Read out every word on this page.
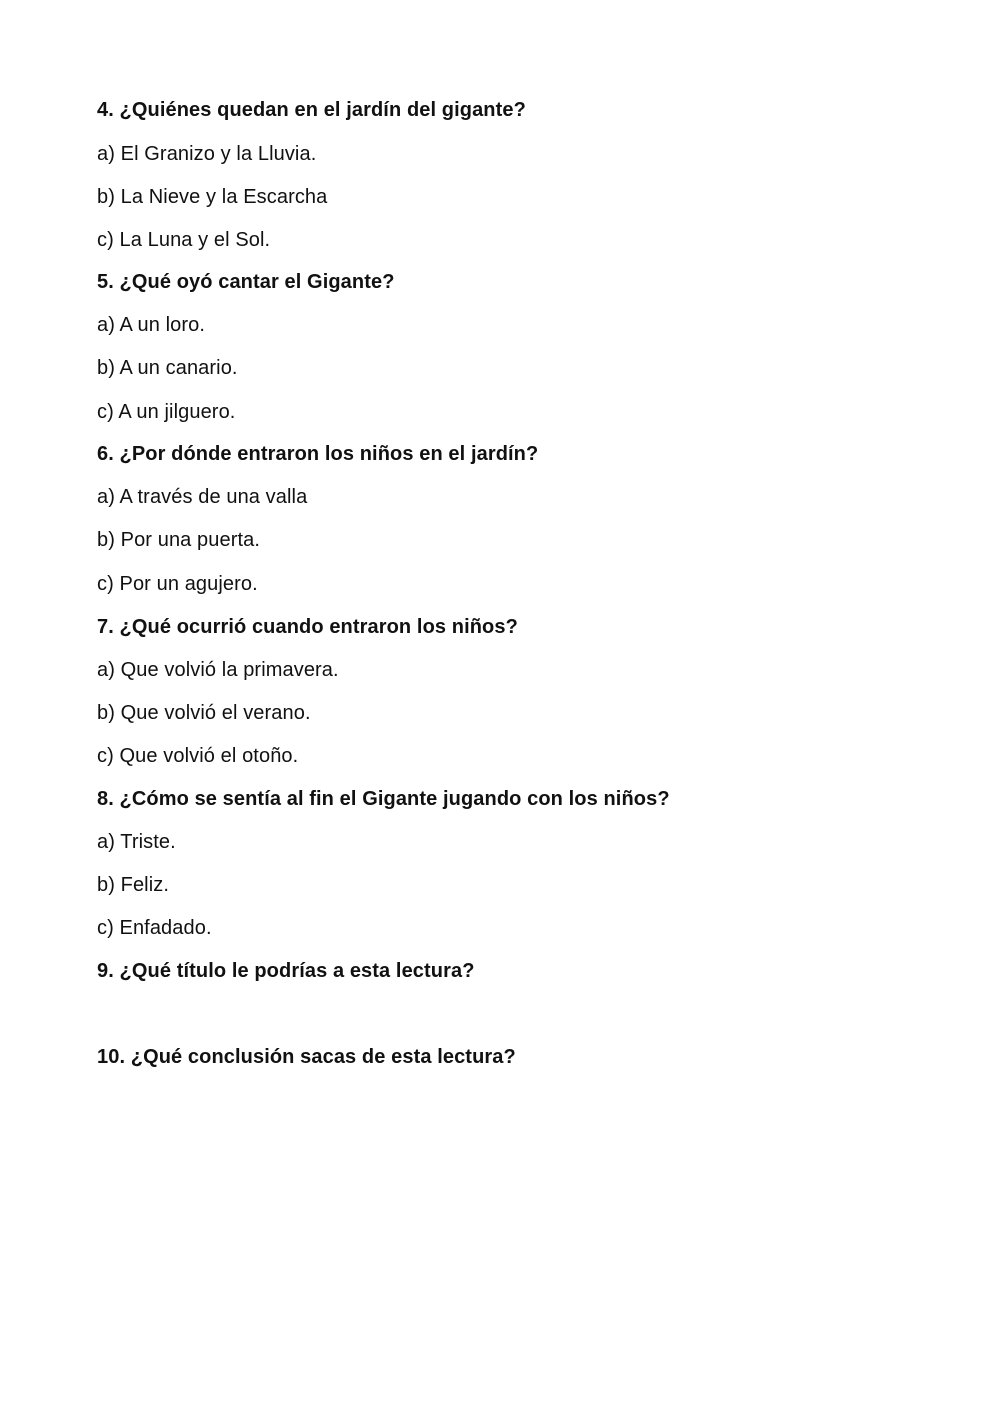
4. ¿Quiénes quedan en el jardín del gigante?
a) El Granizo y la Lluvia.
b) La Nieve y la Escarcha
c) La Luna y el Sol.
5. ¿Qué oyó cantar el Gigante?
a) A un loro.
b) A un canario.
c) A un jilguero.
6. ¿Por dónde entraron los niños en el jardín?
a) A través de una valla
b) Por una puerta.
c) Por un agujero.
7. ¿Qué ocurrió cuando entraron los niños?
a) Que volvió la primavera.
b) Que volvió el verano.
c) Que volvió el otoño.
8. ¿Cómo se sentía al fin el Gigante jugando con los niños?
a) Triste.
b) Feliz.
c) Enfadado.
9. ¿Qué título le podrías a esta lectura?
10. ¿Qué conclusión sacas de esta lectura?
